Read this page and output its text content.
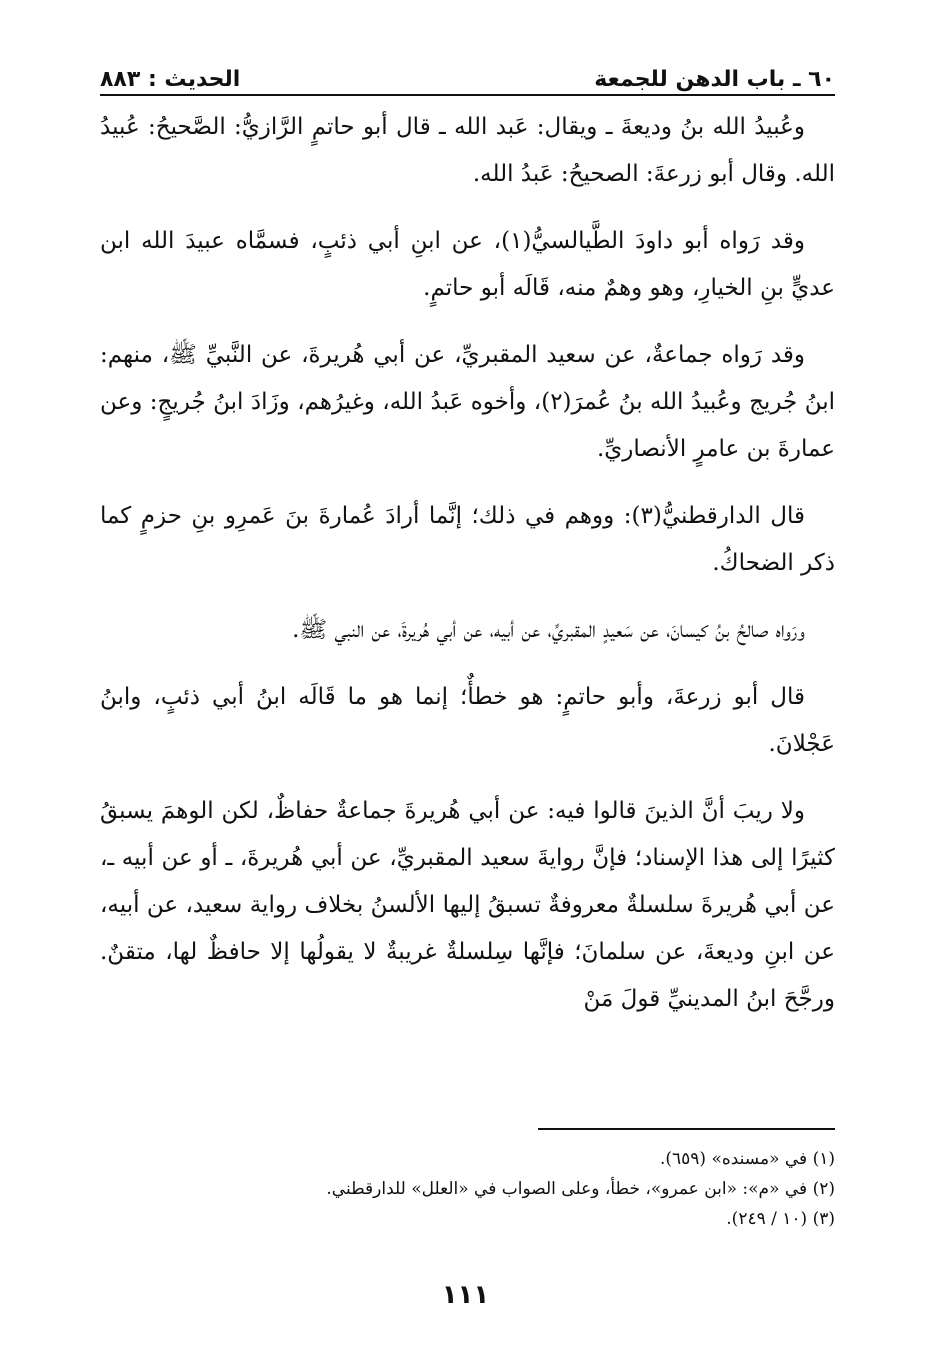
٦٠ ـ باب الدهن للجمعة
الحديث : ٨٨٣

وعُبيدُ الله بنُ وديعةَ ـ ويقال: عَبد الله ـ قال أبو حاتمٍ الرَّازيُّ: الصَّحيحُ: عُبيدُ الله. وقال أبو زرعةَ: الصحيحُ: عَبدُ الله.

وقد رَواه أبو داودَ الطَّيالسيُّ(١)، عن ابنِ أبي ذئبٍ، فسمَّاه عبيدَ الله ابن عديٍّ بنِ الخيارِ، وهو وهمٌ منه، قَالَه أبو حاتمٍ.

وقد رَواه جماعةٌ، عن سعيد المقبريِّ، عن أبي هُريرةَ، عن النَّبيِّ ﷺ، منهم: ابنُ جُريج وعُبيدُ الله بنُ عُمرَ(٢)، وأخوه عَبدُ الله، وغيرُهم، وزَادَ ابنُ جُريجٍ: وعن عمارةَ بن عامرٍ الأنصاريِّ.

قال الدارقطنيُّ(٣): ووهم في ذلك؛ إنَّما أرادَ عُمارةَ بنَ عَمرِو بنِ حزمٍ كما ذكر الضحاكُ.

ورَواه صالحُ بنُ كيسانَ، عن سَعيدٍ المقبريِّ، عن أبيه، عن أبي هُريرةَ، عن النبي ﷺ.

قال أبو زرعةَ، وأبو حاتمٍ: هو خطأٌ؛ إنما هو ما قَالَه ابنُ أبي ذئبٍ، وابنُ عَجْلانَ.

ولا ريبَ أنَّ الذينَ قالوا فيه: عن أبي هُريرةَ جماعةٌ حفاظٌ، لكن الوهمَ يسبقُ كثيرًا إلى هذا الإسناد؛ فإنَّ روايةَ سعيد المقبريِّ، عن أبي هُريرةَ، ـ أو عن أبيه ـ، عن أبي هُريرةَ سلسلةٌ معروفةٌ تسبقُ إليها الألسنُ بخلاف رواية سعيد، عن أبيه، عن ابنِ وديعةَ، عن سلمانَ؛ فإنَّها سِلسلةٌ غريبةٌ لا يقولُها إلا حافظٌ لها، متقنٌ. ورجَّحَ ابنُ المدينيِّ قولَ مَنْ

(١) في «مسنده» (٦٥٩).
(٢) في «م»: «ابن عمرو»، خطأ، وعلى الصواب في «العلل» للدارقطني.
(٣) (١٠ / ٢٤٩).
١١١
